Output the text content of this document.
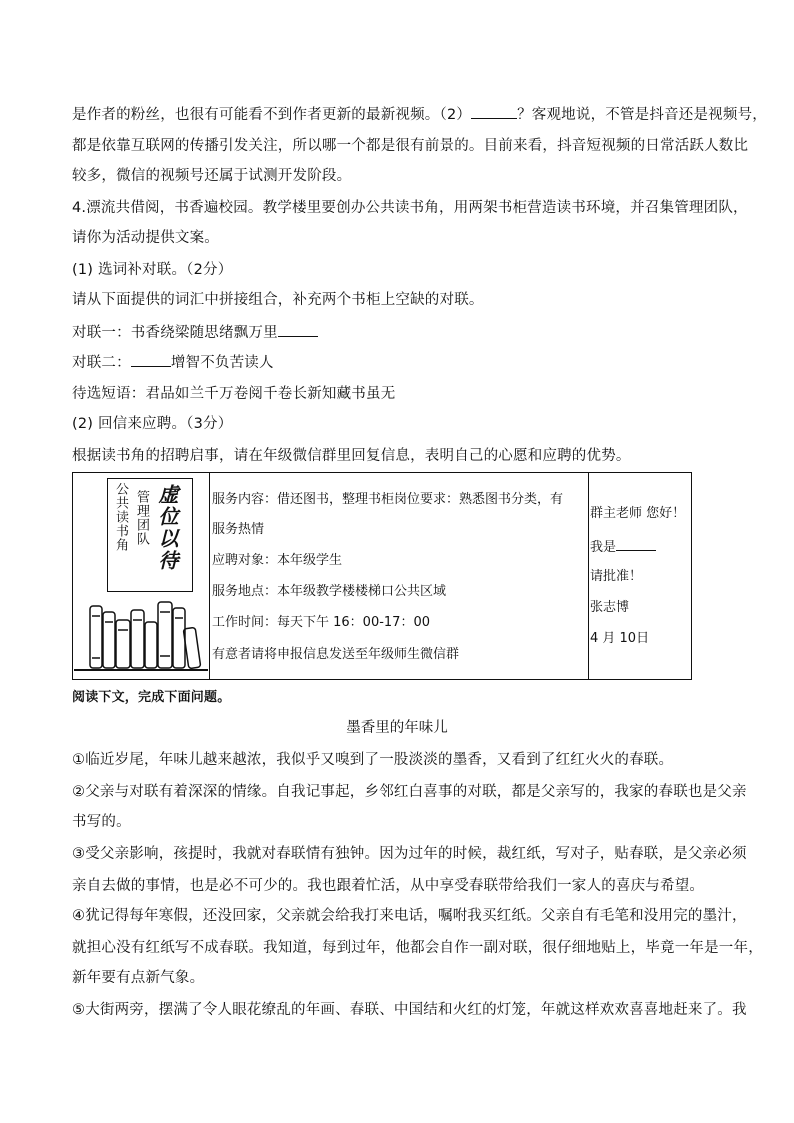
是作者的粉丝，也很有可能看不到作者更新的最新视频。（2）	？客观地说，不管是抖音还是视频号，
都是依靠互联网的传播引发关注，所以哪一个都是很有前景的。目前来看，抖音短视频的日常活跃人数比
较多，微信的视频号还属于试测开发阶段。
4.漂流共借阅，书香遍校园。教学楼里要创办公共读书角，用两架书柜营造读书环境，并召集管理团队，
请你为活动提供文案。
(1) 选词补对联。（2分）
请从下面提供的词汇中拼接组合，补充两个书柜上空缺的对联。
对联一：书香绕梁随思绪飘万里
对联二：	增智不负苦读人
待选短语：君品如兰千万卷阅千卷长新知藏书虽无
(2) 回信来应聘。（3分）
根据读书角的招聘启事，请在年级微信群里回复信息，表明自己的心愿和应聘的优势。

公共读书角 管理团队 虚位以待	服务内容：借还图书，整理书柜岗位要求：熟悉图书分类，有
服务热情
应聘对象：本年级学生
服务地点：本年级教学楼楼梯口公共区域
工作时间：每天下午 16：00-17：00
有意者请将申报信息发送至年级师生微信群
群主老师 您好！
我是
请批准！
张志博
4 月 10日
阅读下文，完成下面问题。
墨香里的年味儿
①临近岁尾，年味儿越来越浓，我似乎又嗅到了一股淡淡的墨香，又看到了红红火火的春联。
②父亲与对联有着深深的情缘。自我记事起，乡邻红白喜事的对联，都是父亲写的，我家的春联也是父亲
书写的。
③受父亲影响，孩提时，我就对春联情有独钟。因为过年的时候，裁红纸，写对子，贴春联，是父亲必须
亲自去做的事情，也是必不可少的。我也跟着忙活，从中享受春联带给我们一家人的喜庆与希望。
④犹记得每年寒假，还没回家，父亲就会给我打来电话，嘱咐我买红纸。父亲自有毛笔和没用完的墨汁，
就担心没有红纸写不成春联。我知道，每到过年，他都会自作一副对联，很仔细地贴上，毕竟一年是一年，
新年要有点新气象。
⑤大街两旁，摆满了令人眼花缭乱的年画、春联、中国结和火红的灯笼，年就这样欢欢喜喜地赶来了。我
